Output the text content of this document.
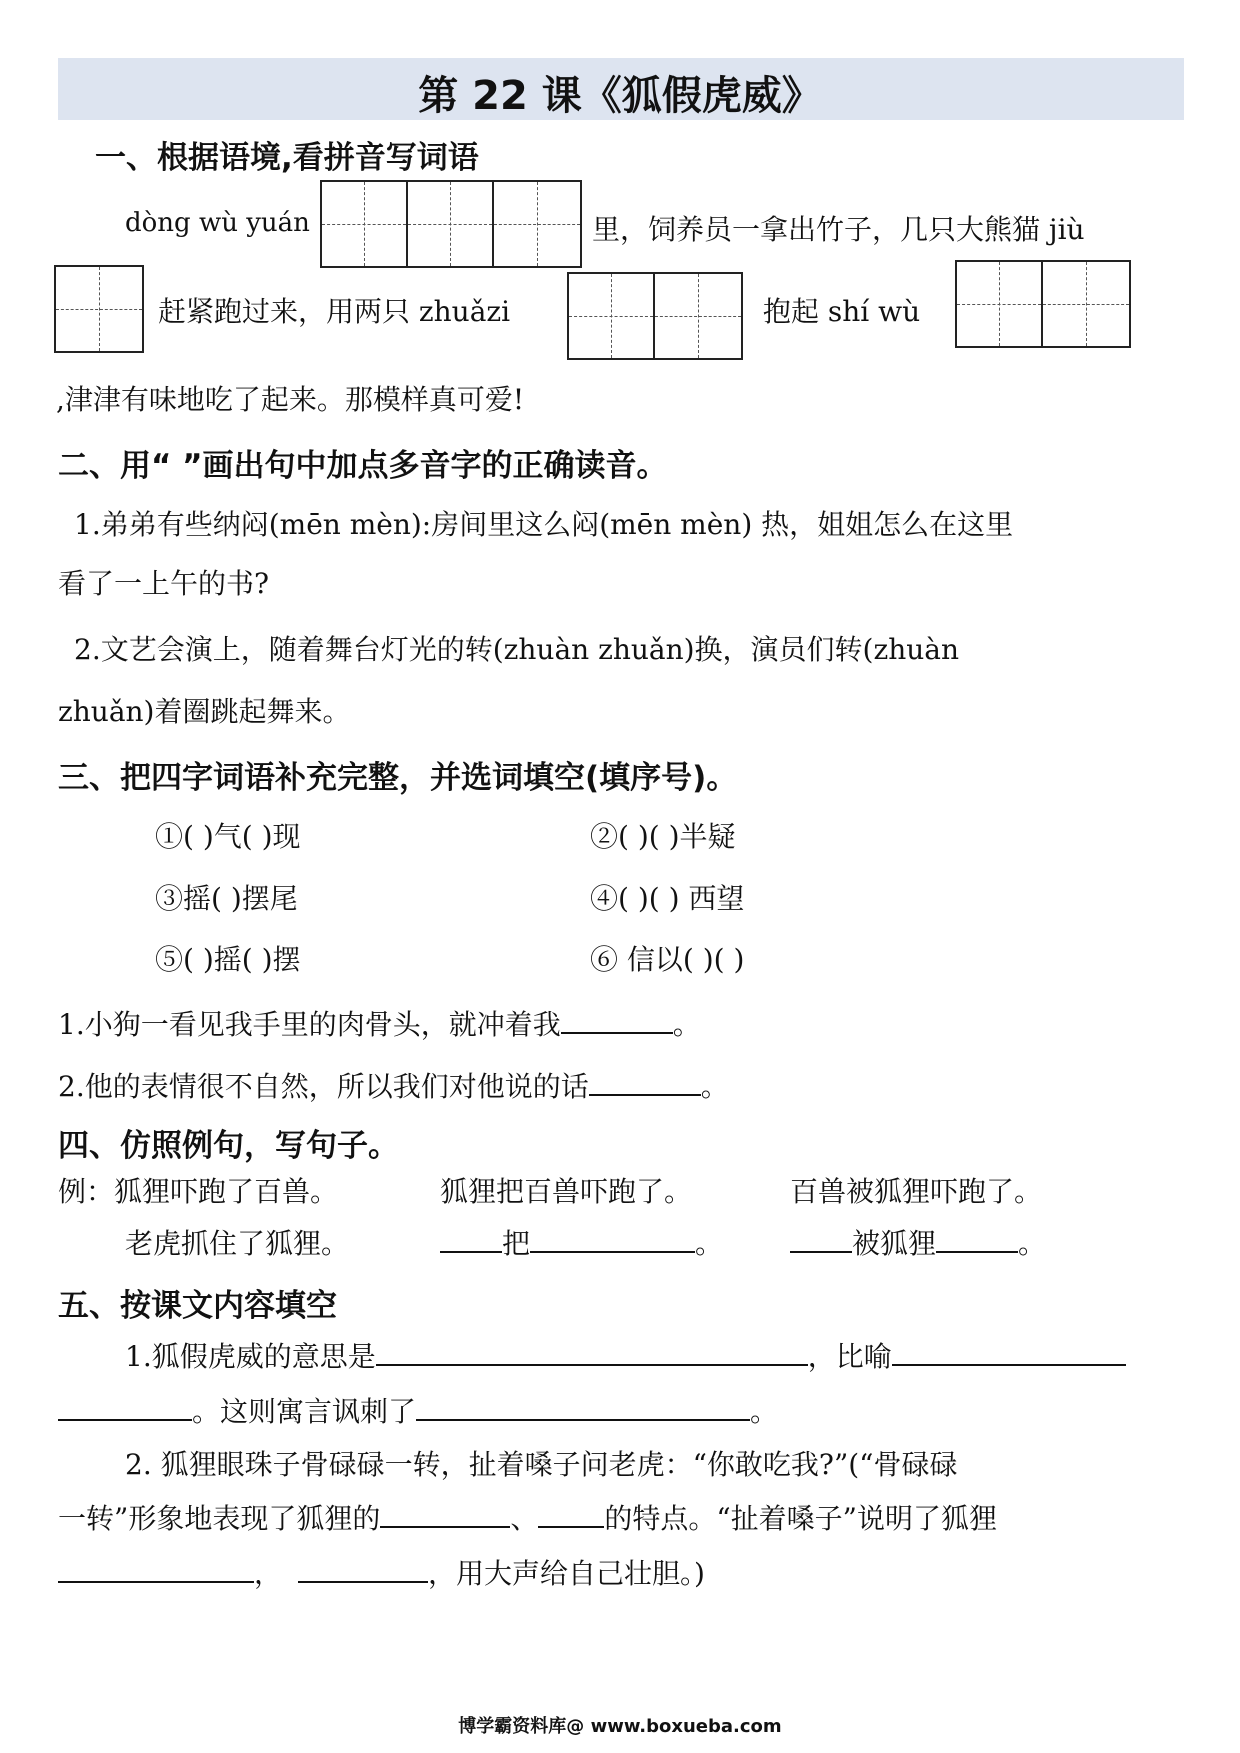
第 22 课《狐假虎威》
一、根据语境,看拼音写词语
dòng wù yuán	里，饲养员一拿出竹子，几只大熊猫 jiù
赶紧跑过来，用两只 zhuǎzi	抱起 shí wù
,津津有味地吃了起来。那模样真可爱!
二、用“ ”画出句中加点多音字的正确读音。
1.弟弟有些纳闷(mēn mèn):房间里这么闷(mēn mèn) 热，姐姐怎么在这里
看了一上午的书?
2.文艺会演上，随着舞台灯光的转(zhuàn zhuǎn)换，演员们转(zhuàn
zhuǎn)着圈跳起舞来。
三、把四字词语补充完整，并选词填空(填序号)。
①( )气( )现	②( )( )半疑
③摇( )摆尾	④( )( ) 西望
⑤( )摇( )摆	⑥ 信以( )( )
1.小狗一看见我手里的肉骨头，就冲着我	。
2.他的表情很不自然，所以我们对他说的话	。
四、仿照例句，写句子。
例：狐狸吓跑了百兽。	狐狸把百兽吓跑了。	百兽被狐狸吓跑了。
老虎抓住了狐狸。	把	。	被狐狸	。
五、按课文内容填空
1.狐假虎威的意思是	，比喻
。这则寓言讽刺了	。
2. 狐狸眼珠子骨碌碌一转，扯着嗓子问老虎：“你敢吃我?”(“骨碌碌
一转”形象地表现了狐狸的	、 的特点。“扯着嗓子”说明了狐狸
，	，用大声给自己壮胆。)
博学霸资料库@ www.boxueba.com
